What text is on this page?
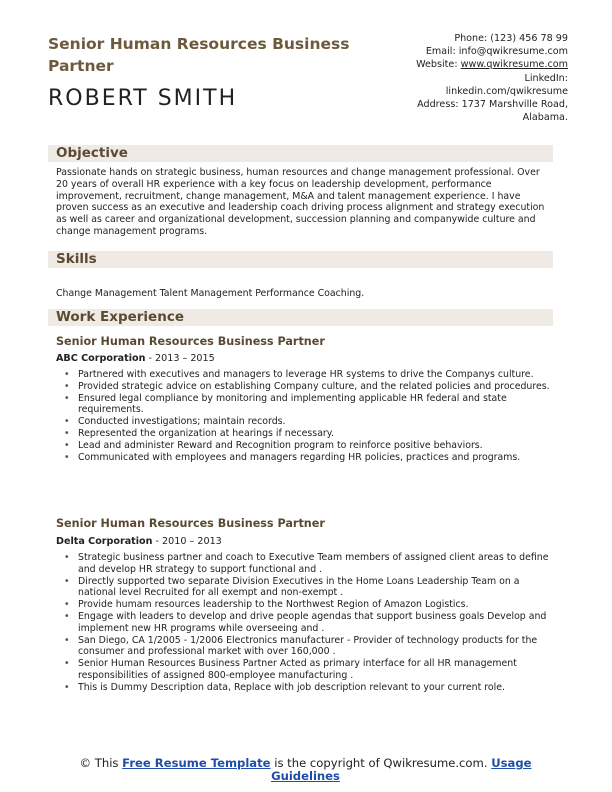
Senior Human Resources Business Partner
ROBERT SMITH
Phone: (123) 456 78 99
Email: info@qwikresume.com
Website: www.qwikresume.com
LinkedIn:
linkedin.com/qwikresume
Address: 1737 Marshville Road,
Alabama.
Objective
Passionate hands on strategic business, human resources and change management professional. Over 20 years of overall HR experience with a key focus on leadership development, performance improvement, recruitment, change management, M&A and talent management experience. I have proven success as an executive and leadership coach driving process alignment and strategy execution as well as career and organizational development, succession planning and companywide culture and change management programs.
Skills
Change Management Talent Management Performance Coaching.
Work Experience
Senior Human Resources Business Partner
ABC Corporation - 2013 – 2015
• Partnered with executives and managers to leverage HR systems to drive the Companys culture.
• Provided strategic advice on establishing Company culture, and the related policies and procedures.
• Ensured legal compliance by monitoring and implementing applicable HR federal and state requirements.
• Conducted investigations; maintain records.
• Represented the organization at hearings if necessary.
• Lead and administer Reward and Recognition program to reinforce positive behaviors.
• Communicated with employees and managers regarding HR policies, practices and programs.
Senior Human Resources Business Partner
Delta Corporation - 2010 – 2013
• Strategic business partner and coach to Executive Team members of assigned client areas to define and develop HR strategy to support functional and .
• Directly supported two separate Division Executives in the Home Loans Leadership Team on a national level Recruited for all exempt and non-exempt .
• Provide humam resources leadership to the Northwest Region of Amazon Logistics.
• Engage with leaders to develop and drive people agendas that support business goals Develop and implement new HR programs while overseeing and .
• San Diego, CA 1/2005 - 1/2006 Electronics manufacturer - Provider of technology products for the consumer and professional market with over 160,000 .
• Senior Human Resources Business Partner Acted as primary interface for all HR management responsibilities of assigned 800-employee manufacturing .
• This is Dummy Description data, Replace with job description relevant to your current role.
© This Free Resume Template is the copyright of Qwikresume.com. Usage
Guidelines
